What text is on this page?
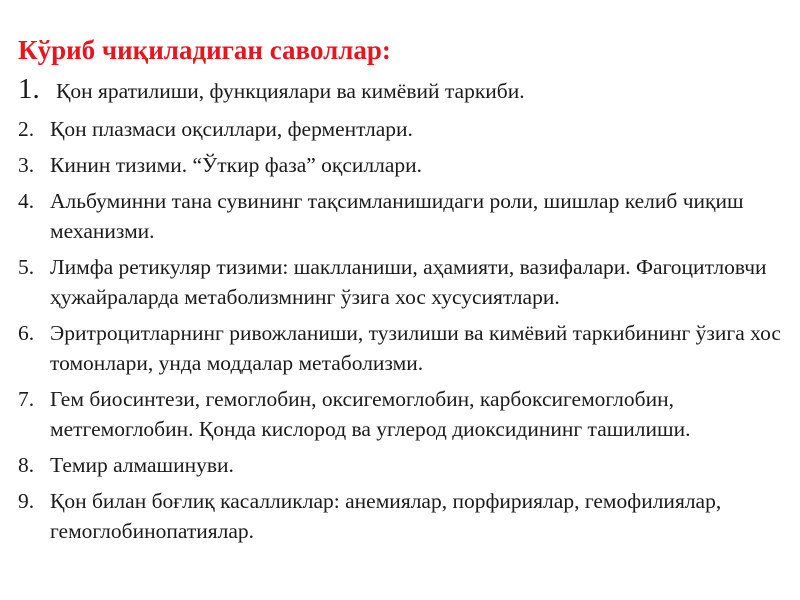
Кўриб чиқиладиган саволлар:
1. Қон яратилиши, функциялари ва кимёвий таркиби.
2. Қон плазмаси оқсиллари, ферментлари.
3. Кинин тизими. “Ўткир фаза” оқсиллари.
4. Альбуминни тана сувининг тақсимланишидаги роли, шишлар келиб чиқиш механизми.
5. Лимфа ретикуляр тизими: шаклланиши, аҳамияти, вазифалари. Фагоцитловчи ҳужайраларда метаболизмнинг ўзига хос хусусиятлари.
6. Эритроцитларнинг ривожланиши, тузилиши ва кимёвий таркибининг ўзига хос томонлари, унда моддалар метаболизми.
7. Гем биосинтези, гемоглобин, оксигемоглобин, карбоксигемоглобин, метгемоглобин. Қонда кислород ва углерод диоксидининг ташилиши.
8. Темир алмашинуви.
9. Қон билан боғлиқ касалликлар: анемиялар, порфириялар, гемофилиялар, гемоглобинопатиялар.
